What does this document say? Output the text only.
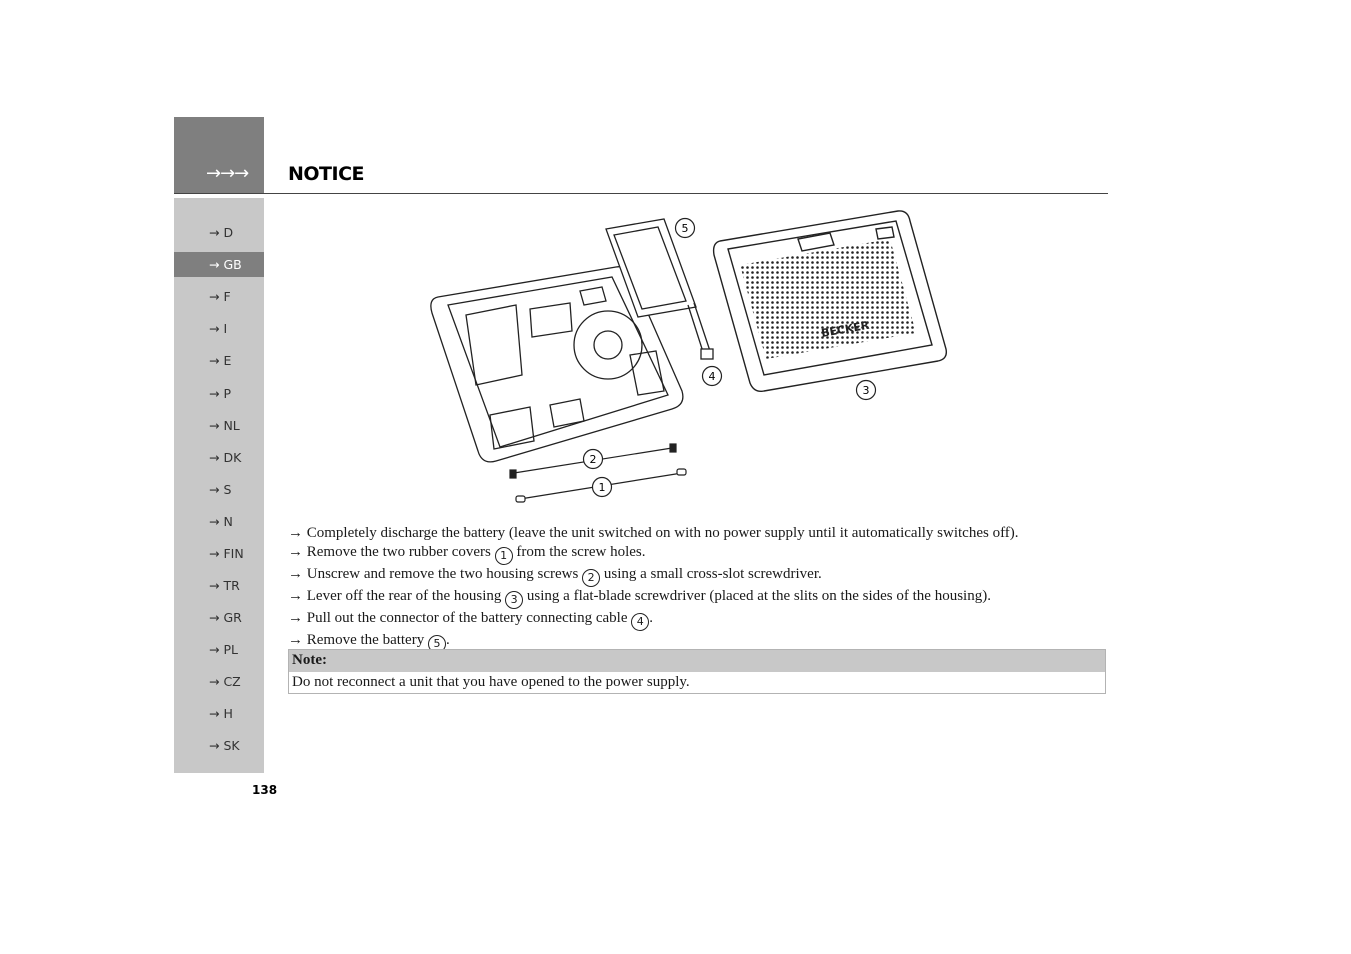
→→→ NOTICE
→ D
→ GB
→ F
→ I
→ E
→ P
→ NL
→ DK
→ S
→ N
→ FIN
→ TR
→ GR
→ PL
→ CZ
→ H
→ SK
138
BECKER
1
2
3
4
5
→ Completely discharge the battery (leave the unit switched on with no power supply until it automatically switches off).
→ Remove the two rubber covers 1 from the screw holes.
→ Unscrew and remove the two housing screws 2 using a small cross-slot screwdriver.
→ Lever off the rear of the housing 3 using a flat-blade screwdriver (placed at the slits on the sides of the housing).
→ Pull out the connector of the battery connecting cable 4 .
→ Remove the battery 5 .
Note:
Do not reconnect a unit that you have opened to the power supply.
